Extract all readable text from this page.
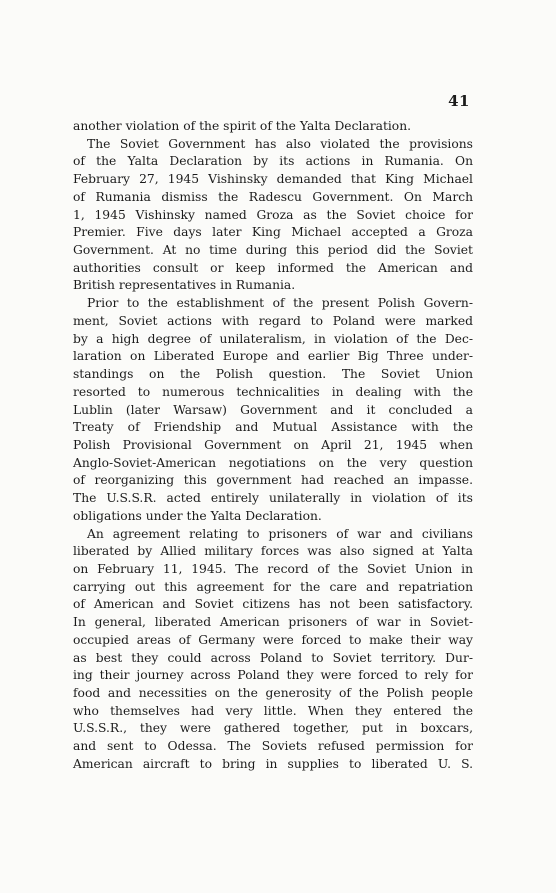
41
another violation of the spirit of the Yalta Declaration.
The Soviet Government has also violated the provisions
of the Yalta Declaration by its actions in Rumania. On
February 27, 1945 Vishinsky demanded that King Michael
of Rumania dismiss the Radescu Government. On March
1, 1945 Vishinsky named Groza as the Soviet choice for
Premier. Five days later King Michael accepted a Groza
Government. At no time during this period did the Soviet
authorities consult or keep informed the American and
British representatives in Rumania.
Prior to the establishment of the present Polish Govern-
ment, Soviet actions with regard to Poland were marked
by a high degree of unilateralism, in violation of the Dec-
laration on Liberated Europe and earlier Big Three under-
standings on the Polish question. The Soviet Union
resorted to numerous technicalities in dealing with the
Lublin (later Warsaw) Government and it concluded a
Treaty of Friendship and Mutual Assistance with the
Polish Provisional Government on April 21, 1945 when
Anglo-Soviet-American negotiations on the very question
of reorganizing this government had reached an impasse.
The U.S.S.R. acted entirely unilaterally in violation of its
obligations under the Yalta Declaration.
An agreement relating to prisoners of war and civilians
liberated by Allied military forces was also signed at Yalta
on February 11, 1945. The record of the Soviet Union in
carrying out this agreement for the care and repatriation
of American and Soviet citizens has not been satisfactory.
In general, liberated American prisoners of war in Soviet-
occupied areas of Germany were forced to make their way
as best they could across Poland to Soviet territory. Dur-
ing their journey across Poland they were forced to rely for
food and necessities on the generosity of the Polish people
who themselves had very little. When they entered the
U.S.S.R., they were gathered together, put in boxcars,
and sent to Odessa. The Soviets refused permission for
American aircraft to bring in supplies to liberated U. S.
